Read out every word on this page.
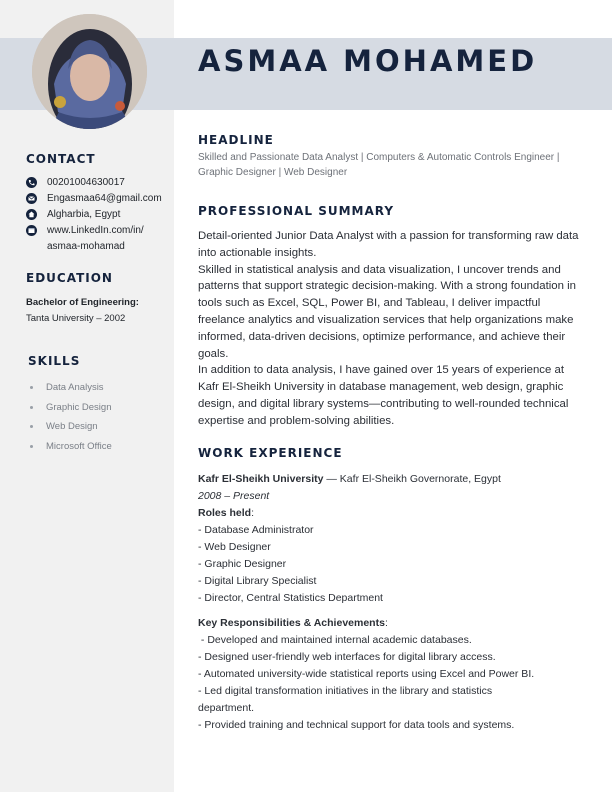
ASMAA MOHAMED
CONTACT
00201004630017
Engasmaa64@gmail.com
Algharbia, Egypt
www.LinkedIn.com/in/
asmaa-mohamad
EDUCATION
Bachelor of Engineering:
Tanta University – 2002
SKILLS
Data Analysis
Graphic Design
Web Design
Microsoft Office
HEADLINE

Skilled and Passionate Data Analyst | Computers & Automatic Controls Engineer | Graphic Designer | Web Designer

PROFESSIONAL SUMMARY
Detail-oriented Junior Data Analyst with a passion for transforming raw data into actionable insights.
Skilled in statistical analysis and data visualization, I uncover trends and patterns that support strategic decision-making. With a strong foundation in tools such as Excel, SQL, Power BI, and Tableau, I deliver impactful freelance analytics and visualization services that help organizations make informed, data-driven decisions, optimize performance, and achieve their goals.
In addition to data analysis, I have gained over 15 years of experience at Kafr El-Sheikh University in database management, web design, graphic design, and digital library systems—contributing to well-rounded technical expertise and problem-solving abilities.
WORK EXPERIENCE
Kafr El-Sheikh University — Kafr El-Sheikh Governorate, Egypt
2008 – Present
Roles held:
- Database Administrator
- Web Designer
- Graphic Designer
- Digital Library Specialist
- Director, Central Statistics Department
Key Responsibilities & Achievements:
- Developed and maintained internal academic databases.
- Designed user-friendly web interfaces for digital library access.
- Automated university-wide statistical reports using Excel and Power BI.
- Led digital transformation initiatives in the library and statistics
department.
- Provided training and technical support for data tools and systems.
